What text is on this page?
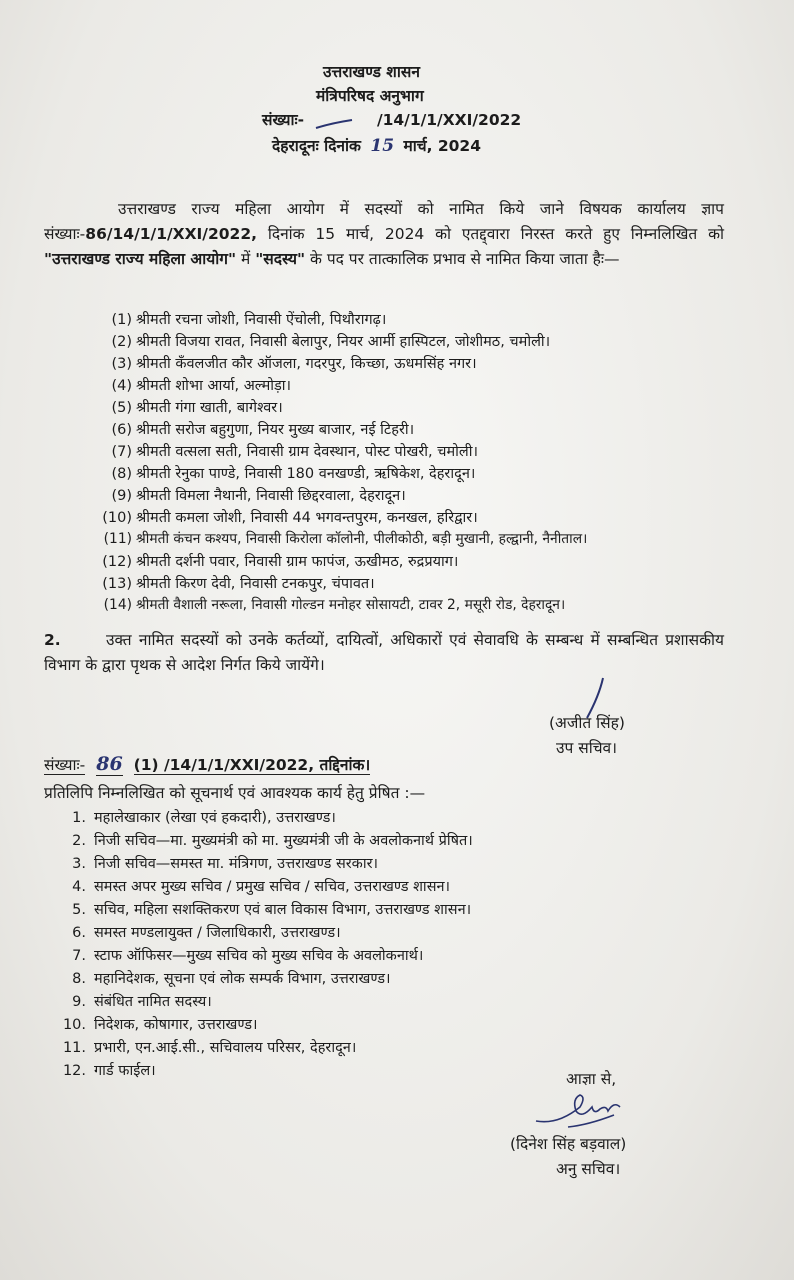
उत्तराखण्ड शासन
मंत्रिपरिषद अनुभाग
संख्याः-	/14/1/1/XXI/2022
देहरादूनः दिनांक 15 मार्च, 2024
उत्तराखण्ड राज्य महिला आयोग में सदस्यों को नामित किये जाने विषयक कार्यालय ज्ञाप संख्याः-86/14/1/1/XXI/2022, दिनांक 15 मार्च, 2024 को एतद्द्वारा निरस्त करते हुए निम्नलिखित को "उत्तराखण्ड राज्य महिला आयोग" में "सदस्य" के पद पर तात्कालिक प्रभाव से नामित किया जाता हैः—
(1) श्रीमती रचना जोशी, निवासी ऐंचोली, पिथौरागढ़।
(2) श्रीमती विजया रावत, निवासी बेलापुर, नियर आर्मी हास्पिटल, जोशीमठ, चमोली।
(3) श्रीमती कँवलजीत कौर ऑजला, गदरपुर, किच्छा, ऊधमसिंह नगर।
(4) श्रीमती शोभा आर्या, अल्मोड़ा।
(5) श्रीमती गंगा खाती, बागेश्वर।
(6) श्रीमती सरोज बहुगुणा, नियर मुख्य बाजार, नई टिहरी।
(7) श्रीमती वत्सला सती, निवासी ग्राम देवस्थान, पोस्ट पोखरी, चमोली।
(8) श्रीमती रेनुका पाण्डे, निवासी 180 वनखण्डी, ऋषिकेश, देहरादून।
(9) श्रीमती विमला नैथानी, निवासी छिद्दरवाला, देहरादून।
(10) श्रीमती कमला जोशी, निवासी 44 भगवन्तपुरम, कनखल, हरिद्वार।
(11) श्रीमती कंचन कश्यप, निवासी किरोला कॉलोनी, पीलीकोठी, बड़ी मुखानी, हल्द्वानी, नैनीताल।
(12) श्रीमती दर्शनी पवार, निवासी ग्राम फापंज, ऊखीमठ, रुद्रप्रयाग।
(13) श्रीमती किरण देवी, निवासी टनकपुर, चंपावत।
(14) श्रीमती वैशाली नरूला, निवासी गोल्डन मनोहर सोसायटी, टावर 2, मसूरी रोड, देहरादून।
2.	उक्त नामित सदस्यों को उनके कर्तव्यों, दायित्वों, अधिकारों एवं सेवावधि के सम्बन्ध में सम्बन्धित प्रशासकीय विभाग के द्वारा पृथक से आदेश निर्गत किये जायेंगे।
(अजीत सिंह)
उप सचिव।
संख्याः- 86 (1) /14/1/1/XXI/2022, तद्दिनांक।
प्रतिलिपि निम्नलिखित को सूचनार्थ एवं आवश्यक कार्य हेतु प्रेषित :—
1. महालेखाकार (लेखा एवं हकदारी), उत्तराखण्ड।
2. निजी सचिव—मा. मुख्यमंत्री को मा. मुख्यमंत्री जी के अवलोकनार्थ प्रेषित।
3. निजी सचिव—समस्त मा. मंत्रिगण, उत्तराखण्ड सरकार।
4. समस्त अपर मुख्य सचिव / प्रमुख सचिव / सचिव, उत्तराखण्ड शासन।
5. सचिव, महिला सशक्तिकरण एवं बाल विकास विभाग, उत्तराखण्ड शासन।
6. समस्त मण्डलायुक्त / जिलाधिकारी, उत्तराखण्ड।
7. स्टाफ ऑफिसर—मुख्य सचिव को मुख्य सचिव के अवलोकनार्थ।
8. महानिदेशक, सूचना एवं लोक सम्पर्क विभाग, उत्तराखण्ड।
9. संबंधित नामित सदस्य।
10. निदेशक, कोषागार, उत्तराखण्ड।
11. प्रभारी, एन.आई.सी., सचिवालय परिसर, देहरादून।
12. गार्ड फाईल।	आज्ञा से,
(दिनेश सिंह बड़वाल)
अनु सचिव।
